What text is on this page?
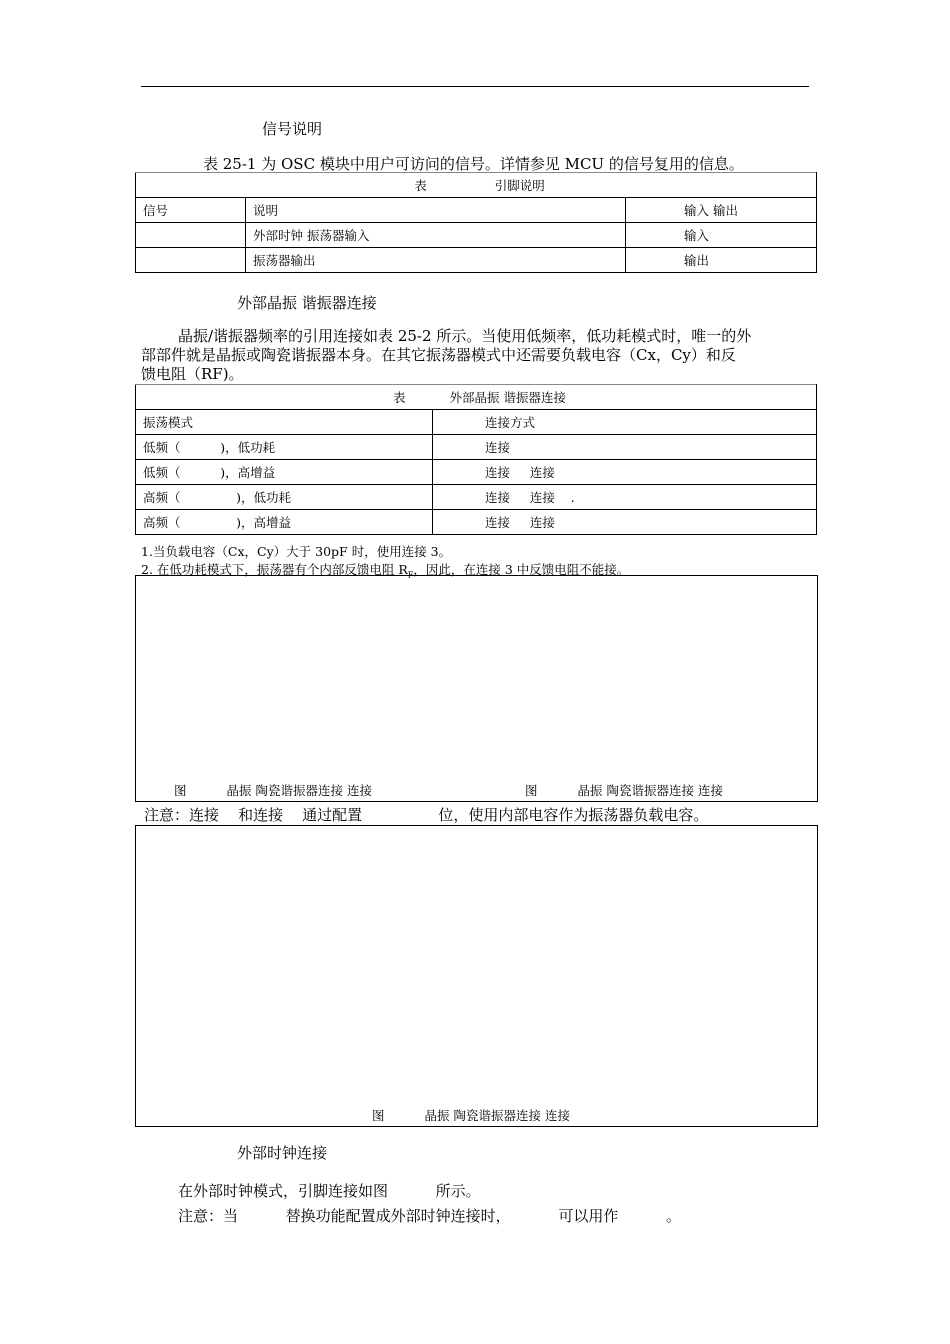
信号说明
表 25-1 为 OSC 模块中用户可访问的信号。详情参见 MCU 的信号复用的信息。
表 引脚说明		
信号	说明	输入 输出
	外部时钟 振荡器输入	输入
	振荡器输出	输出
外部晶振 谐振器连接
晶振/谐振器频率的引用连接如表 25-2 所示。当使用低频率，低功耗模式时，唯一的外
部部件就是晶振或陶瓷谐振器本身。在其它振荡器模式中还需要负载电容（Cx，Cy）和反
馈电阻（RF)。
表 外部晶振 谐振器连接	
振荡模式	连接方式
低频（          )，低功耗	连接
低频（          )，高增益	连接     连接
高频（              )，低功耗	连接     连接    .
高频（              )，高增益	连接     连接
1.当负载电容（Cx，Cy）大于 30pF 时，使用连接 3。
2. 在低功耗模式下，振荡器有个内部反馈电阻 $R_F$，因此，在连接 3 中反馈电阻不能接。
图	晶振 陶瓷谐振器连接 连接	图	晶振 陶瓷谐振器连接 连接
注意：连接    和连接    通过配置                位，使用内部电容作为振荡器负载电容。
图	晶振 陶瓷谐振器连接 连接
外部时钟连接
在外部时钟模式，引脚连接如图          所示。
注意：当          替换功能配置成外部时钟连接时，          可以用作          。
